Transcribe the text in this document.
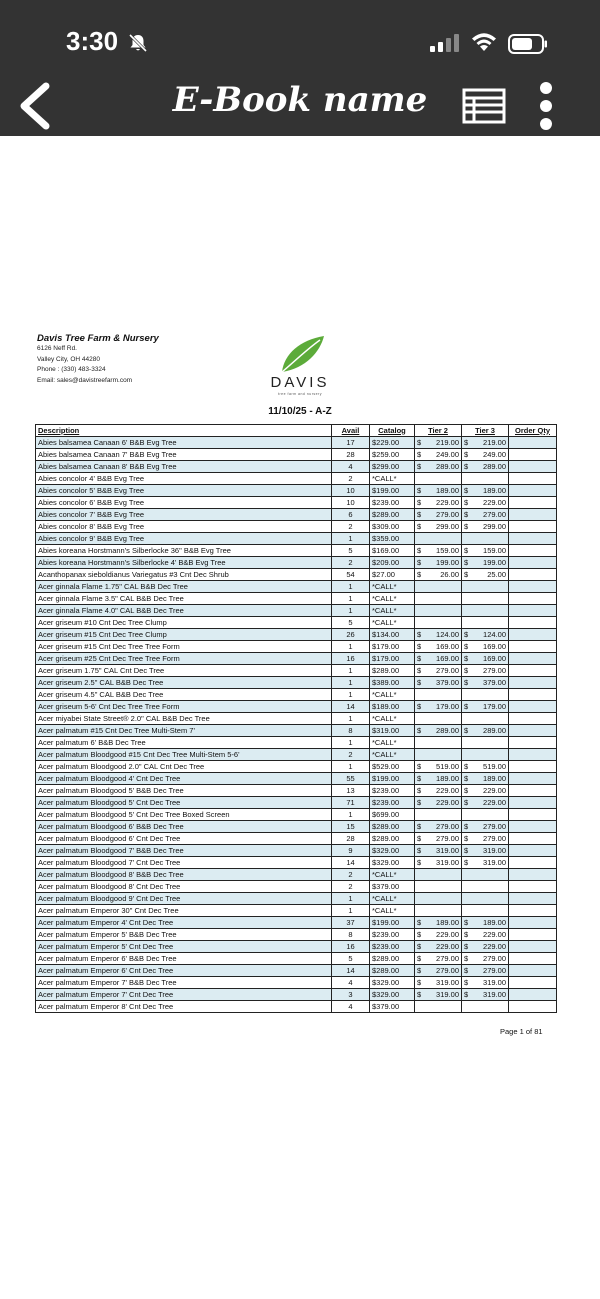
3:30
E-Book name
Davis Tree Farm & Nursery
6126 Neff Rd.
Valley City, OH 44280
Phone : (330) 483-3324
Email: sales@davistreefarm.com	DAVIS
tree farm and nursery
11/10/25 - A-Z
Description	Avail	Catalog	Tier 2	Tier 3	Order Qty
Abies balsamea Canaan 6' B&B Evg Tree	17	$229.00	$ 219.00	$ 219.00	
Abies balsamea Canaan 7' B&B Evg Tree	28	$259.00	$ 249.00	$ 249.00	
Abies balsamea Canaan 8' B&B Evg Tree	4	$299.00	$ 289.00	$ 289.00	
Abies concolor 4' B&B Evg Tree	2	*CALL*			
Abies concolor 5' B&B Evg Tree	10	$199.00	$ 189.00	$ 189.00	
Abies concolor 6' B&B Evg Tree	10	$239.00	$ 229.00	$ 229.00	
Abies concolor 7' B&B Evg Tree	6	$289.00	$ 279.00	$ 279.00	
Abies concolor 8' B&B Evg Tree	2	$309.00	$ 299.00	$ 299.00	
Abies concolor 9' B&B Evg Tree	1	$359.00			
Abies koreana Horstmann's Silberlocke 36" B&B Evg Tree	5	$169.00	$ 159.00	$ 159.00	
Abies koreana Horstmann's Silberlocke 4' B&B Evg Tree	2	$209.00	$ 199.00	$ 199.00	
Acanthopanax sieboldianus Variegatus #3 Cnt Dec Shrub	54	$27.00	$ 26.00	$ 25.00	
Acer ginnala Flame 1.75" CAL B&B Dec Tree	1	*CALL*			
Acer ginnala Flame 3.5" CAL B&B Dec Tree	1	*CALL*			
Acer ginnala Flame 4.0" CAL B&B Dec Tree	1	*CALL*			
Acer griseum #10 Cnt Dec Tree Clump	5	*CALL*			
Acer griseum #15 Cnt Dec Tree Clump	26	$134.00	$ 124.00	$ 124.00	
Acer griseum #15 Cnt Dec Tree Tree Form	1	$179.00	$ 169.00	$ 169.00	
Acer griseum #25 Cnt Dec Tree Tree Form	16	$179.00	$ 169.00	$ 169.00	
Acer griseum 1.75" CAL Cnt Dec Tree	1	$289.00	$ 279.00	$ 279.00	
Acer griseum 2.5" CAL B&B Dec Tree	1	$389.00	$ 379.00	$ 379.00	
Acer griseum 4.5" CAL B&B Dec Tree	1	*CALL*			
Acer griseum 5-6' Cnt Dec Tree Tree Form	14	$189.00	$ 179.00	$ 179.00	
Acer miyabei State Street® 2.0" CAL B&B Dec Tree	1	*CALL*			
Acer palmatum #15 Cnt Dec Tree Multi-Stem 7'	8	$319.00	$ 289.00	$ 289.00	
Acer palmatum 6' B&B Dec Tree	1	*CALL*			
Acer palmatum Bloodgood #15 Cnt Dec Tree Multi-Stem 5-6'	2	*CALL*			
Acer palmatum Bloodgood 2.0" CAL Cnt Dec Tree	1	$529.00	$ 519.00	$ 519.00	
Acer palmatum Bloodgood 4' Cnt Dec Tree	55	$199.00	$ 189.00	$ 189.00	
Acer palmatum Bloodgood 5' B&B Dec Tree	13	$239.00	$ 229.00	$ 229.00	
Acer palmatum Bloodgood 5' Cnt Dec Tree	71	$239.00	$ 229.00	$ 229.00	
Acer palmatum Bloodgood 5' Cnt Dec Tree Boxed Screen	1	$699.00			
Acer palmatum Bloodgood 6' B&B Dec Tree	15	$289.00	$ 279.00	$ 279.00	
Acer palmatum Bloodgood 6' Cnt Dec Tree	28	$289.00	$ 279.00	$ 279.00	
Acer palmatum Bloodgood 7' B&B Dec Tree	9	$329.00	$ 319.00	$ 319.00	
Acer palmatum Bloodgood 7' Cnt Dec Tree	14	$329.00	$ 319.00	$ 319.00	
Acer palmatum Bloodgood 8' B&B Dec Tree	2	*CALL*			
Acer palmatum Bloodgood 8' Cnt Dec Tree	2	$379.00			
Acer palmatum Bloodgood 9' Cnt Dec Tree	1	*CALL*			
Acer palmatum Emperor 30" Cnt Dec Tree	1	*CALL*			
Acer palmatum Emperor 4' Cnt Dec Tree	37	$199.00	$ 189.00	$ 189.00	
Acer palmatum Emperor 5' B&B Dec Tree	8	$239.00	$ 229.00	$ 229.00	
Acer palmatum Emperor 5' Cnt Dec Tree	16	$239.00	$ 229.00	$ 229.00	
Acer palmatum Emperor 6' B&B Dec Tree	5	$289.00	$ 279.00	$ 279.00	
Acer palmatum Emperor 6' Cnt Dec Tree	14	$289.00	$ 279.00	$ 279.00	
Acer palmatum Emperor 7' B&B Dec Tree	4	$329.00	$ 319.00	$ 319.00	
Acer palmatum Emperor 7' Cnt Dec Tree	3	$329.00	$ 319.00	$ 319.00	
Acer palmatum Emperor 8' Cnt Dec Tree	4	$379.00			
Page 1 of 81
